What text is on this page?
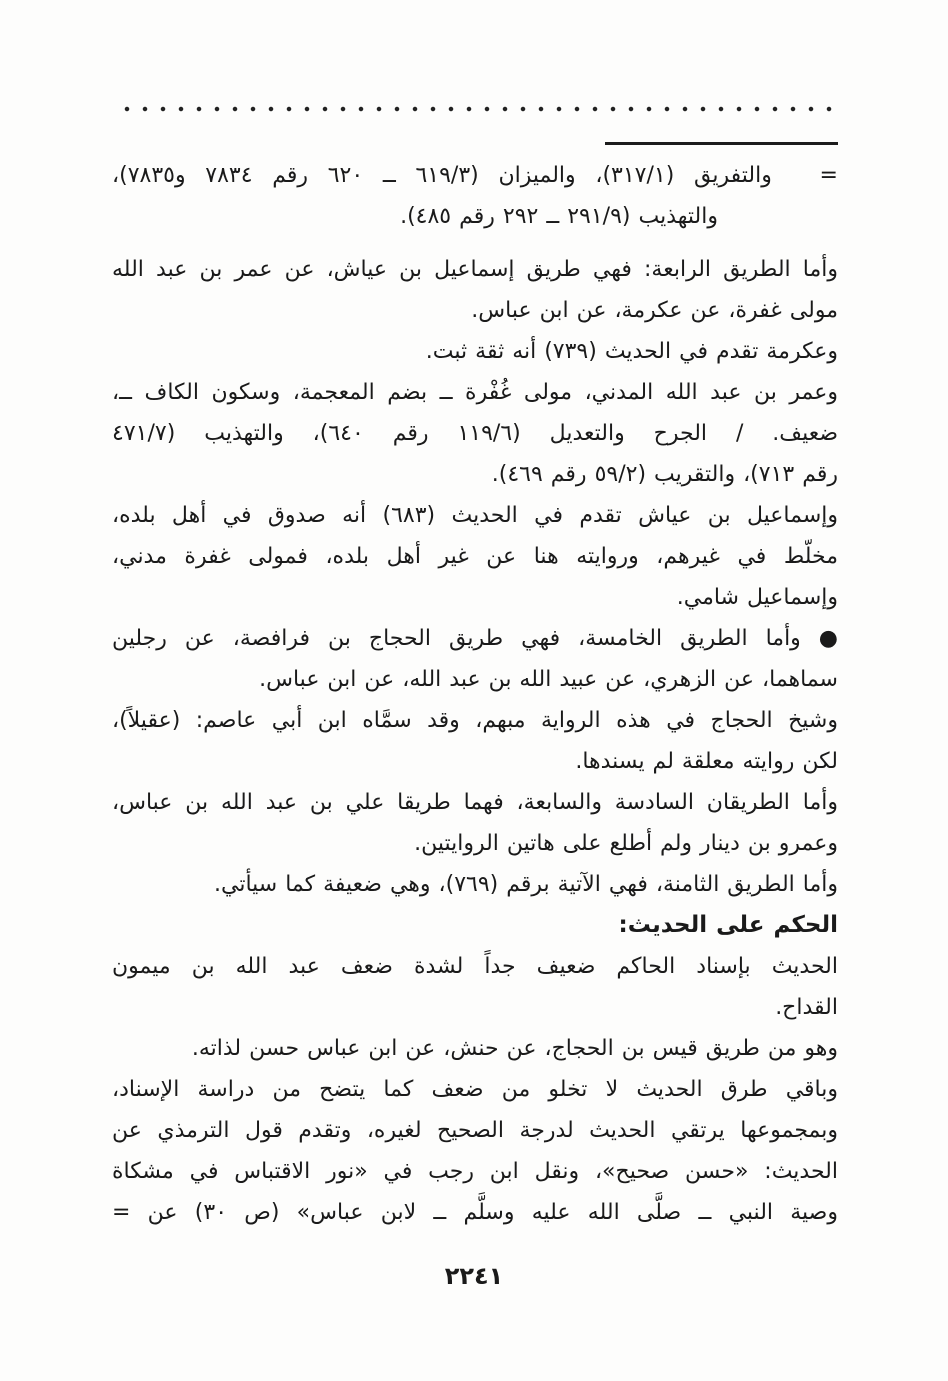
= والتفريق (٣١٧/١)، والميزان (٦١٩/٣ ــ ٦٢٠ رقم ٧٨٣٤ و٧٨٣٥)،
والتهذيب (٢٩١/٩ ــ ٢٩٢ رقم ٤٨٥).
وأما الطريق الرابعة: فهي طريق إسماعيل بن عياش، عن عمر بن عبد الله
مولى غفرة، عن عكرمة، عن ابن عباس.
وعكرمة تقدم في الحديث (٧٣٩) أنه ثقة ثبت.
وعمر بن عبد الله المدني، مولى غُفْرة ــ بضم المعجمة، وسكون الكاف ــ،
ضعيف. / الجرح والتعديل (١١٩/٦ رقم ٦٤٠)، والتهذيب (٤٧١/٧
رقم ٧١٣)، والتقريب (٥٩/٢ رقم ٤٦٩).
وإسماعيل بن عياش تقدم في الحديث (٦٨٣) أنه صدوق في أهل بلده،
مخلّط في غيرهم، وروايته هنا عن غير أهل بلده، فمولى غفرة مدني،
وإسماعيل شامي.
● وأما الطريق الخامسة، فهي طريق الحجاج بن فرافصة، عن رجلين
سماهما، عن الزهري، عن عبيد الله بن عبد الله، عن ابن عباس.
وشيخ الحجاج في هذه الرواية مبهم، وقد سمَّاه ابن أبي عاصم: (عقيلاً)،
لكن روايته معلقة لم يسندها.
وأما الطريقان السادسة والسابعة، فهما طريقا علي بن عبد الله بن عباس،
وعمرو بن دينار ولم أطلع على هاتين الروايتين.
وأما الطريق الثامنة، فهي الآتية برقم (٧٦٩)، وهي ضعيفة كما سيأتي.
الحكم على الحديث:
الحديث بإسناد الحاكم ضعيف جداً لشدة ضعف عبد الله بن ميمون
القداح.
وهو من طريق قيس بن الحجاج، عن حنش، عن ابن عباس حسن لذاته.
وباقي طرق الحديث لا تخلو من ضعف كما يتضح من دراسة الإسناد،
وبمجموعها يرتقي الحديث لدرجة الصحيح لغيره، وتقدم قول الترمذي عن
الحديث: «حسن صحيح»، ونقل ابن رجب في «نور الاقتباس في مشكاة
وصية النبي ــ صلَّى الله عليه وسلَّم ــ لابن عباس» (ص ٣٠) عن =
٢٢٤١
